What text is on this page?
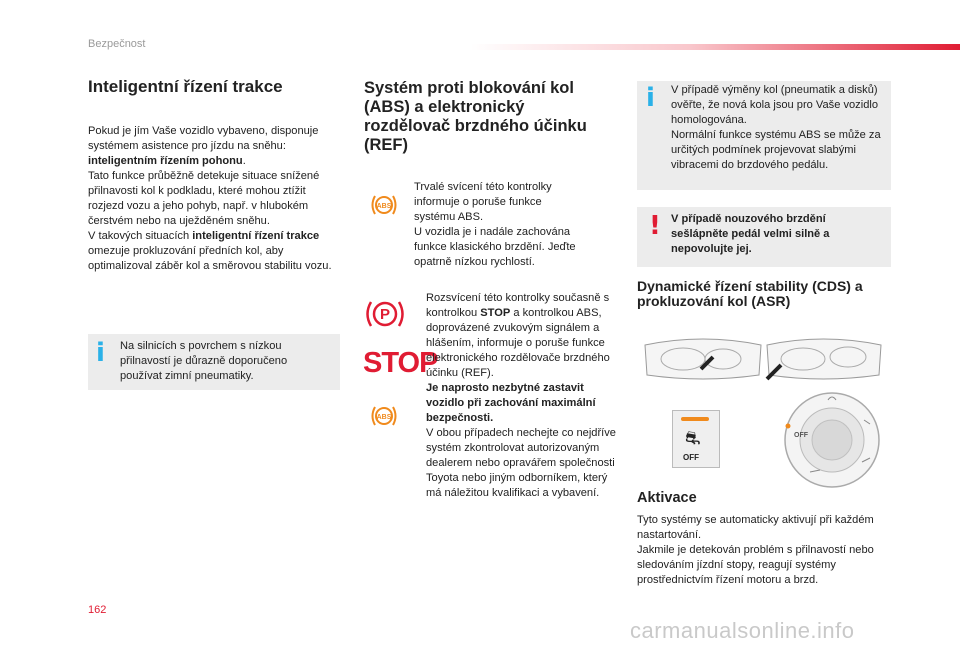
Bezpečnost
Inteligentní řízení trakce
Pokud je jím Vaše vozidlo vybaveno, disponuje systémem asistence pro jízdu na sněhu: inteligentním řízením pohonu.
Tato funkce průběžně detekuje situace snížené přilnavosti kol k podkladu, které mohou ztížit rozjezd vozu a jeho pohyb, např. v hlubokém čerstvém nebo na uježděném sněhu.
V takových situacích inteligentní řízení trakce omezuje prokluzování předních kol, aby optimalizoval záběr kol a směrovou stabilitu vozu.
i Na silnicích s povrchem s nízkou přilnavostí je důrazně doporučeno používat zimní pneumatiky.
Systém proti blokování kol (ABS) a elektronický rozdělovač brzdného účinku (REF)
ABS
Trvalé svícení této kontrolky informuje o poruše funkce systému ABS.
U vozidla je i nadále zachována funkce klasického brzdění. Jeďte opatrně nízkou rychlostí.
P
STOP
ABS
Rozsvícení této kontrolky současně s kontrolkou STOP a kontrolkou ABS, doprovázené zvukovým signálem a hlášením, informuje o poruše funkce elektronického rozdělovače brzdného účinku (REF).
Je naprosto nezbytné zastavit vozidlo při zachování maximální bezpečnosti.
V obou případech nechejte co nejdříve systém zkontrolovat autorizovaným dealerem nebo opravářem společnosti Toyota nebo jiným odborníkem, který má náležitou kvalifikaci a vybavení.
i V případě výměny kol (pneumatik a disků) ověřte, že nová kola jsou pro Vaše vozidlo homologována.
Normální funkce systému ABS se může za určitých podmínek projevovat slabými vibracemi do brzdového pedálu.
! V případě nouzového brzdění sešlápněte pedál velmi silně a nepovolujte jej.
Dynamické řízení stability (CDS) a prokluzování kol (ASR)
⛐
OFF
OFF
Aktivace
Tyto systémy se automaticky aktivují při každém nastartování.
Jakmile je detekován problém s přilnavostí nebo sledováním jízdní stopy, reagují systémy prostřednictvím řízení motoru a brzd.
162
carmanualsonline.info
